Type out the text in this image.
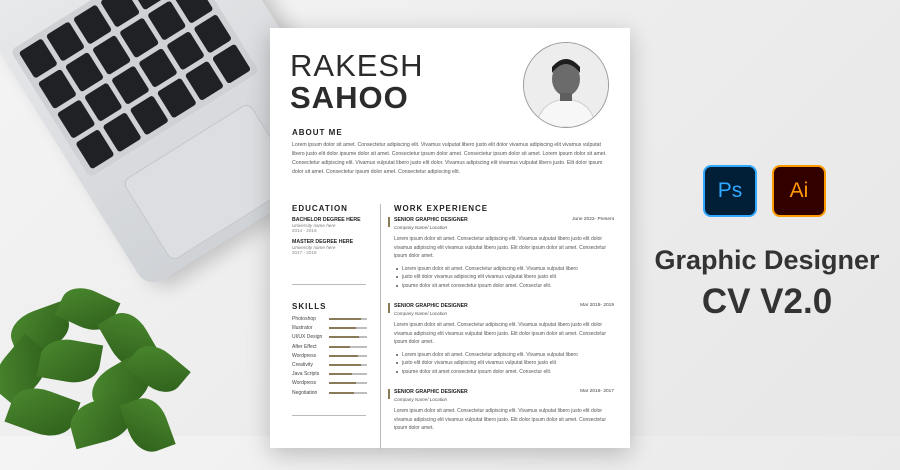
RAKESH
SAHOO
ABOUT ME
Lorem ipsum dolor sit amet. Consectetur adipiscing elit. Vivamus vulputat libero justo elit dolor vivamus adipiscing elit vivamus vulputat libero justo elit dolor ipsume dolor sit amet. Consectetur ipsum dolor amet. Consectetur ipsum dolor sit amet. Lorem ipsum dolor sit amet. Consectetur adipiscing elit. Vivamus vulputat libero justo elit dolor. Vivamus adipiscing elit vivamus vulputat libero justo. Elit dolor ipsum dolor sit amet. Consectetur ipsum dolor amet. Consectetur adipiscing elit.
EDUCATION
BACHELOR DEGREE HERE
University name here
2014 - 2016
MASTER DEGREE HERE
University name here
2017 - 2018
SKILLS
Photoshop
Illustrator
UI/UX Design
After Effect
Wordpress
Creativity
Java Scripts
Wordpress
Negotiation
WORK EXPERIENCE
SENIOR GRAPHIC DESIGNER	June 2022- Present
Company Name/ Location
Lorem ipsum dolor sit amet. Consectetur adipiscing elit. Vivamus vulputat libero justo elit dolor vivamus adipiscing elit vivamus vulputat libero justo. Elit dolor ipsum dolor sit amet. Consectetur ipsum dolor amet.
Lorem ipsum dolor sit amet. Consectetur adipiscing elit. Vivamus vulputat libero
justo elit dolor vivamus adipiscing elit vivamus vulputat libero justo elit
ipsume dolor sit amet consectetur ipsum dolor amet. Consectur elit.
SENIOR GRAPHIC DESIGNER	Mar 2018- 2019
Company Name/ Location
Lorem ipsum dolor sit amet. Consectetur adipiscing elit. Vivamus vulputat libero justo elit dolor vivamus adipiscing elit vivamus vulputat libero justo. Elit dolor ipsum dolor sit amet. Consectetur ipsum dolor amet.
Lorem ipsum dolor sit amet. Consectetur adipiscing elit. Vivamus vulputat libero
justo elit dolor vivamus adipiscing elit vivamus vulputat libero justo elit
ipsume dolor sit amet consectetur ipsum dolor amet. Consectur elit.
SENIOR GRAPHIC DESIGNER	Mar 2016- 2017
Company Name/ Location
Lorem ipsum dolor sit amet. Consectetur adipiscing elit. Vivamus vulputat libero justo elit dolor vivamus adipiscing elit vivamus vulputat libero justo. Elit dolor ipsum dolor sit amet. Consectetur ipsum dolor amet.
Ps	Ai
Graphic Designer
CV V2.0
